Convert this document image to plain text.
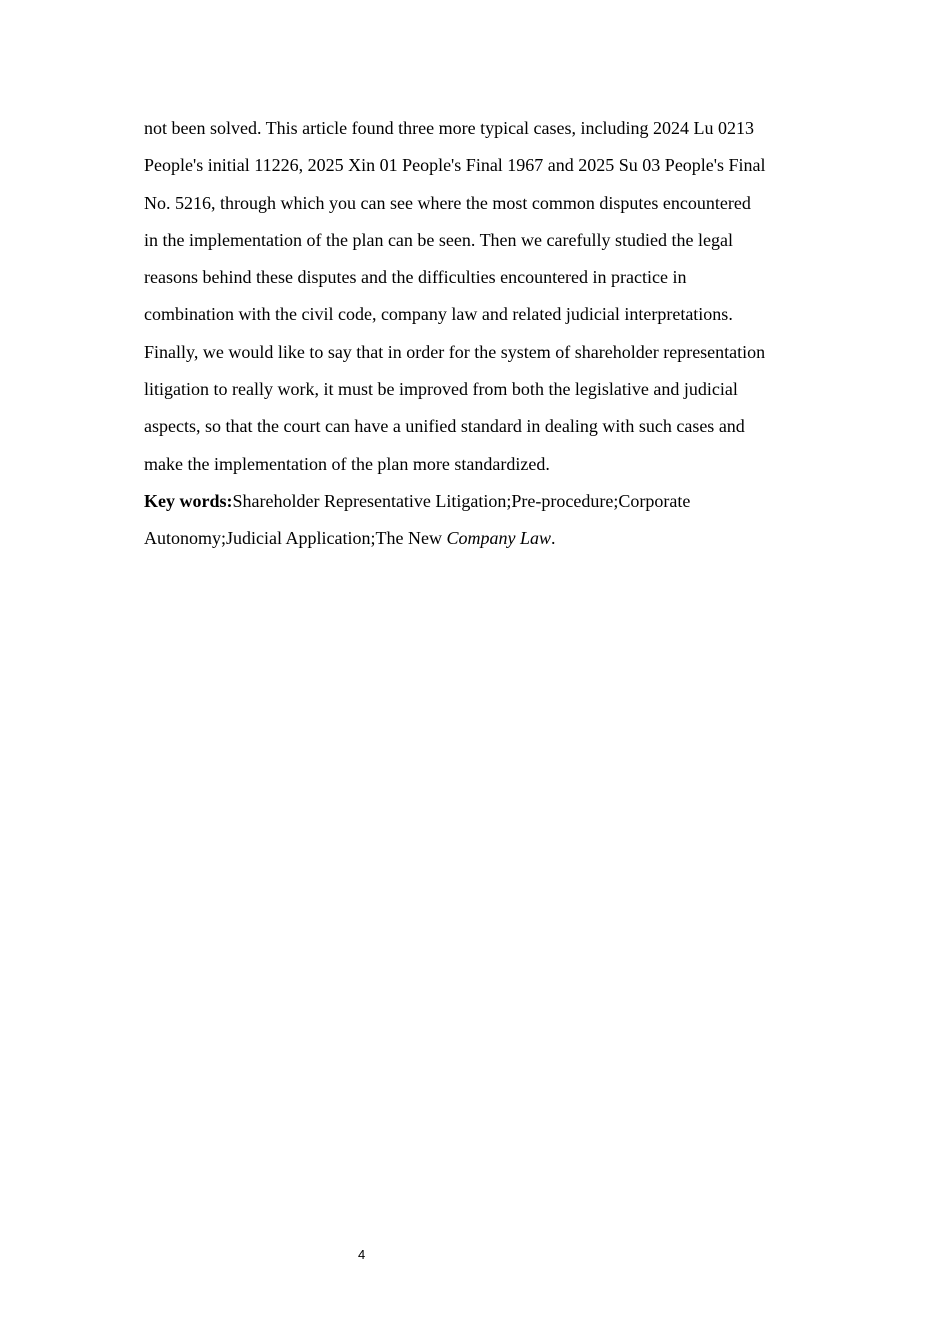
not been solved. This article found three more typical cases, including 2024 Lu 0213
People's initial 11226, 2025 Xin 01 People's Final 1967 and 2025 Su 03 People's Final
No. 5216, through which you can see where the most common disputes encountered
in the implementation of the plan can be seen. Then we carefully studied the legal
reasons behind these disputes and the difficulties encountered in practice in
combination with the civil code, company law and related judicial interpretations.
Finally, we would like to say that in order for the system of shareholder representation
litigation to really work, it must be improved from both the legislative and judicial
aspects, so that the court can have a unified standard in dealing with such cases and
make the implementation of the plan more standardized.
Key words:Shareholder Representative Litigation;Pre-procedure;Corporate
Autonomy;Judicial Application;The New Company Law.
4
